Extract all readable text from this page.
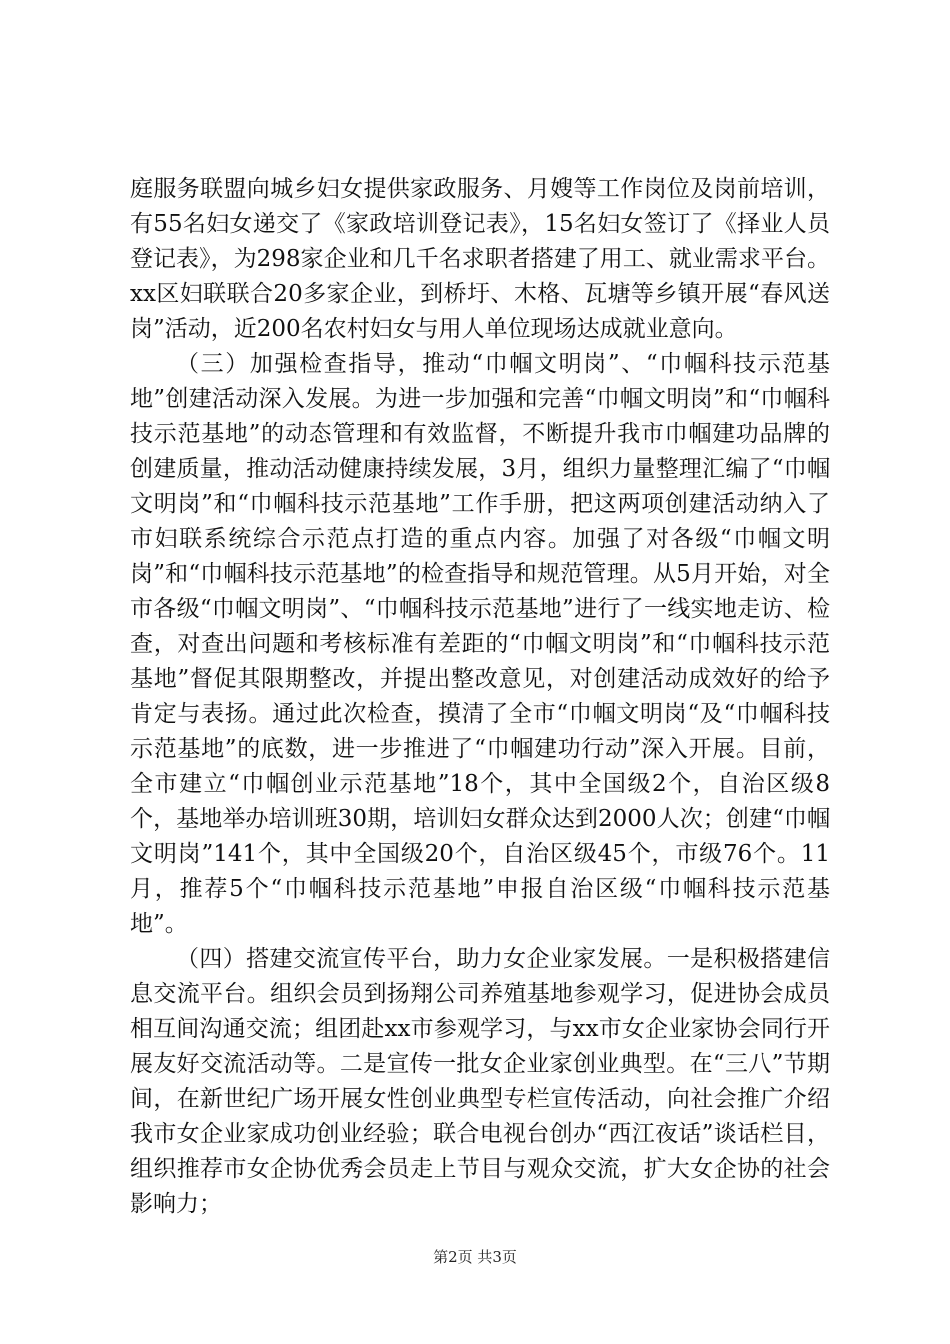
庭服务联盟向城乡妇女提供家政服务、月嫂等工作岗位及岗前培训，有55名妇女递交了《家政培训登记表》，15名妇女签订了《择业人员登记表》，为298家企业和几千名求职者搭建了用工、就业需求平台。xx区妇联联合20多家企业，到桥圩、木格、瓦塘等乡镇开展“春风送岗”活动，近200名农村妇女与用人单位现场达成就业意向。

（三）加强检查指导，推动“巾帼文明岗”、“巾帼科技示范基地”创建活动深入发展。为进一步加强和完善“巾帼文明岗”和“巾帼科技示范基地”的动态管理和有效监督，不断提升我市巾帼建功品牌的创建质量，推动活动健康持续发展，3月，组织力量整理汇编了“巾帼文明岗”和“巾帼科技示范基地”工作手册，把这两项创建活动纳入了市妇联系统综合示范点打造的重点内容。加强了对各级“巾帼文明岗”和“巾帼科技示范基地”的检查指导和规范管理。从5月开始，对全市各级“巾帼文明岗”、“巾帼科技示范基地”进行了一线实地走访、检查，对查出问题和考核标准有差距的“巾帼文明岗”和“巾帼科技示范基地”督促其限期整改，并提出整改意见，对创建活动成效好的给予肯定与表扬。通过此次检查，摸清了全市“巾帼文明岗“及“巾帼科技示范基地”的底数，进一步推进了“巾帼建功行动”深入开展。目前，全市建立“巾帼创业示范基地”18个，其中全国级2个，自治区级8个，基地举办培训班30期，培训妇女群众达到2000人次；创建“巾帼文明岗”141个，其中全国级20个，自治区级45个，市级76个。11月，推荐5个“巾帼科技示范基地”申报自治区级“巾帼科技示范基地”。

（四）搭建交流宣传平台，助力女企业家发展。一是积极搭建信息交流平台。组织会员到扬翔公司养殖基地参观学习，促进协会成员相互间沟通交流；组团赴xx市参观学习，与xx市女企业家协会同行开展友好交流活动等。二是宣传一批女企业家创业典型。在“三八”节期间，在新世纪广场开展女性创业典型专栏宣传活动，向社会推广介绍我市女企业家成功创业经验；联合电视台创办“西江夜话”谈话栏目，组织推荐市女企协优秀会员走上节目与观众交流，扩大女企协的社会影响力；

第2页 共3页
